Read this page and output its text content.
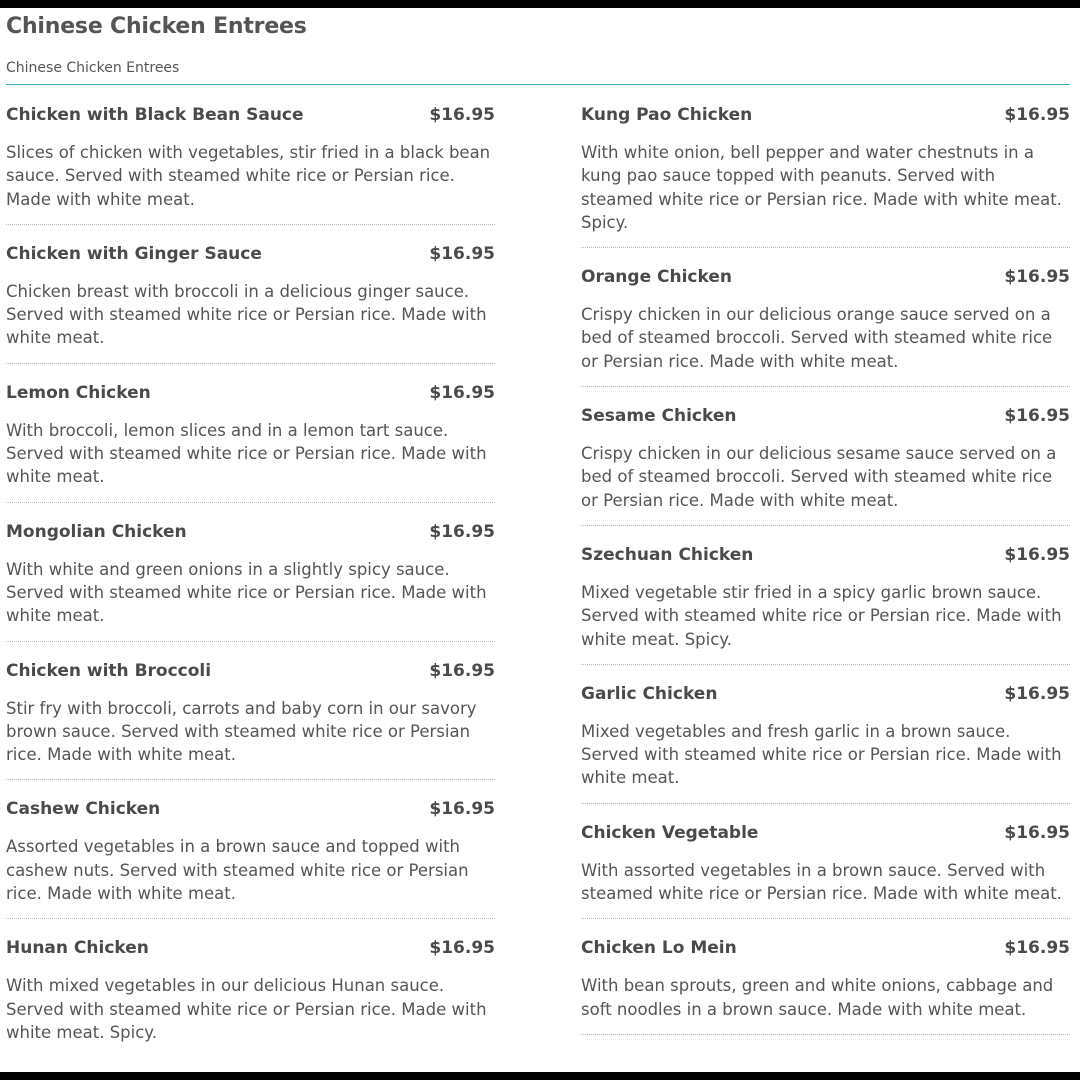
Chinese Chicken Entrees
Chinese Chicken Entrees
Chicken with Black Bean Sauce	$16.95

Slices of chicken with vegetables, stir fried in a black bean sauce. Served with steamed white rice or Persian rice. Made with white meat.

Chicken with Ginger Sauce	$16.95

Chicken breast with broccoli in a delicious ginger sauce. Served with steamed white rice or Persian rice. Made with white meat.

Lemon Chicken	$16.95

With broccoli, lemon slices and in a lemon tart sauce. Served with steamed white rice or Persian rice. Made with white meat.

Mongolian Chicken	$16.95

With white and green onions in a slightly spicy sauce. Served with steamed white rice or Persian rice. Made with white meat.

Chicken with Broccoli	$16.95

Stir fry with broccoli, carrots and baby corn in our savory brown sauce. Served with steamed white rice or Persian rice. Made with white meat.

Cashew Chicken	$16.95

Assorted vegetables in a brown sauce and topped with cashew nuts. Served with steamed white rice or Persian rice. Made with white meat.

Hunan Chicken	$16.95

With mixed vegetables in our delicious Hunan sauce. Served with steamed white rice or Persian rice. Made with white meat. Spicy.

Kung Pao Chicken	$16.95

With white onion, bell pepper and water chestnuts in a kung pao sauce topped with peanuts. Served with steamed white rice or Persian rice. Made with white meat. Spicy.

Orange Chicken	$16.95

Crispy chicken in our delicious orange sauce served on a bed of steamed broccoli. Served with steamed white rice or Persian rice. Made with white meat.

Sesame Chicken	$16.95

Crispy chicken in our delicious sesame sauce served on a bed of steamed broccoli. Served with steamed white rice or Persian rice. Made with white meat.

Szechuan Chicken	$16.95

Mixed vegetable stir fried in a spicy garlic brown sauce. Served with steamed white rice or Persian rice. Made with white meat. Spicy.

Garlic Chicken	$16.95

Mixed vegetables and fresh garlic in a brown sauce. Served with steamed white rice or Persian rice. Made with white meat.

Chicken Vegetable	$16.95

With assorted vegetables in a brown sauce. Served with steamed white rice or Persian rice. Made with white meat.

Chicken Lo Mein	$16.95

With bean sprouts, green and white onions, cabbage and soft noodles in a brown sauce. Made with white meat.
